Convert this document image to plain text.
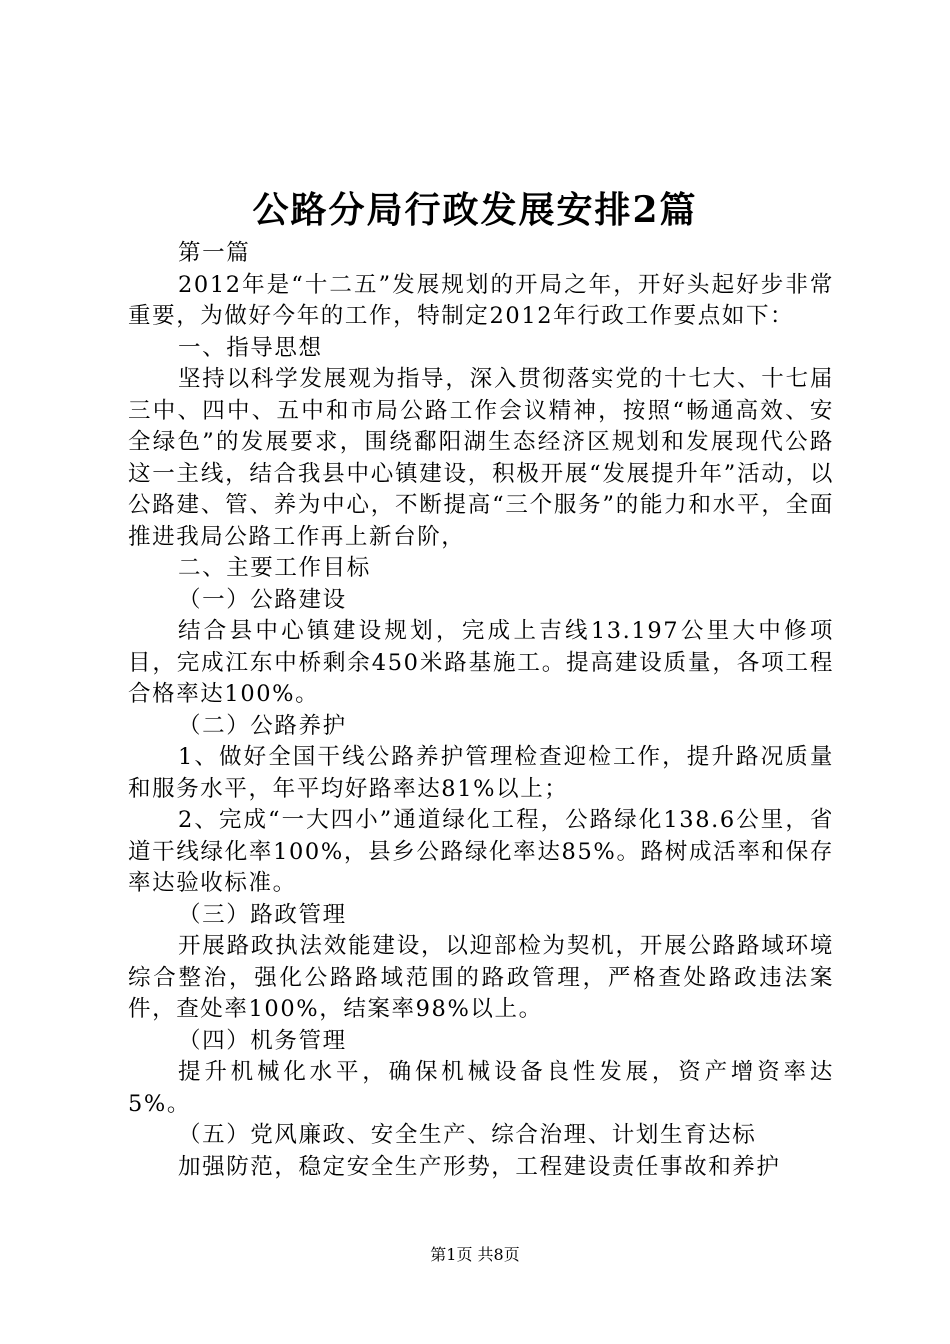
公路分局行政发展安排2篇

第一篇

2012年是“十二五”发展规划的开局之年，开好头起好步非常重要，为做好今年的工作，特制定2012年行政工作要点如下：

一、指导思想

坚持以科学发展观为指导，深入贯彻落实党的十七大、十七届三中、四中、五中和市局公路工作会议精神，按照“畅通高效、安全绿色”的发展要求，围绕鄱阳湖生态经济区规划和发展现代公路这一主线，结合我县中心镇建设，积极开展“发展提升年”活动，以公路建、管、养为中心，不断提高“三个服务”的能力和水平，全面推进我局公路工作再上新台阶，

二、主要工作目标

（一）公路建设

结合县中心镇建设规划，完成上吉线13.197公里大中修项目，完成江东中桥剩余450米路基施工。提高建设质量，各项工程合格率达100%。

（二）公路养护

1、做好全国干线公路养护管理检查迎检工作，提升路况质量和服务水平，年平均好路率达81%以上；

2、完成“一大四小”通道绿化工程，公路绿化138.6公里，省道干线绿化率100%，县乡公路绿化率达85%。路树成活率和保存率达验收标准。

（三）路政管理

开展路政执法效能建设，以迎部检为契机，开展公路路域环境综合整治，强化公路路域范围的路政管理，严格查处路政违法案件，查处率100%，结案率98%以上。

（四）机务管理

提升机械化水平，确保机械设备良性发展，资产增资率达5%。

（五）党风廉政、安全生产、综合治理、计划生育达标

加强防范，稳定安全生产形势，工程建设责任事故和养护

第1页 共8页
